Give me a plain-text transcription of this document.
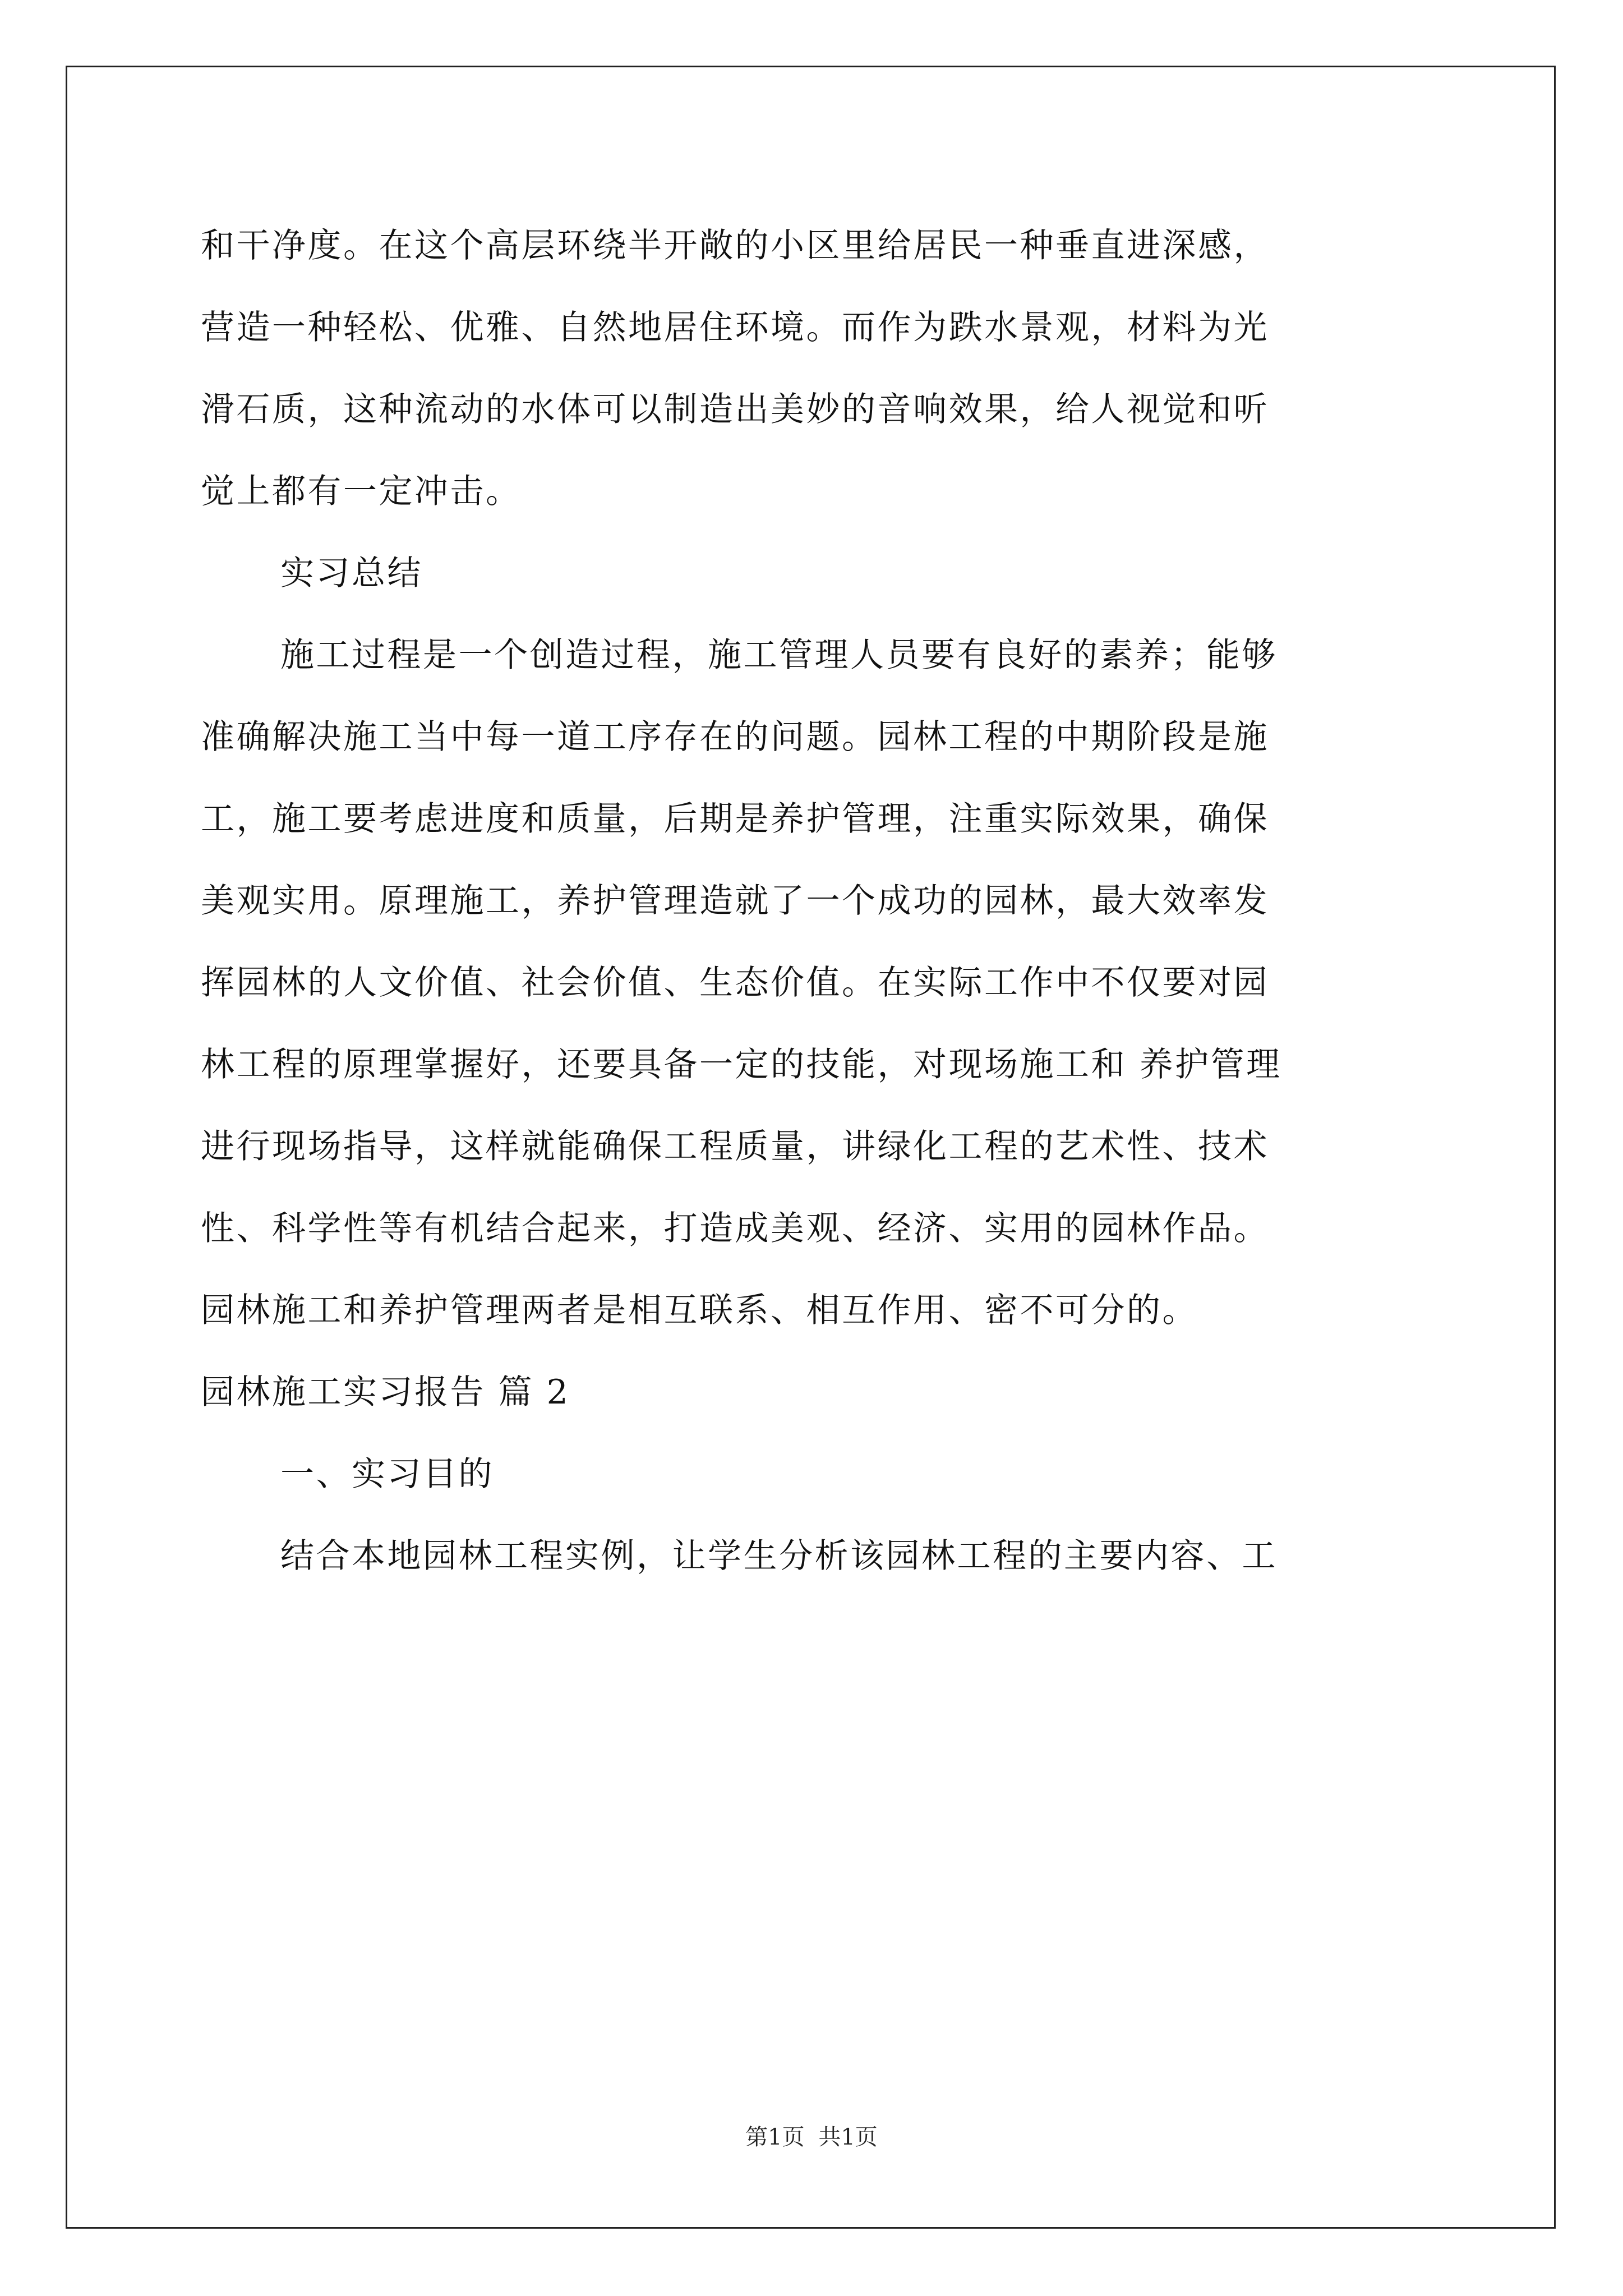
和干净度。在这个高层环绕半开敞的小区里给居民一种垂直进深感，
营造一种轻松、优雅、自然地居住环境。而作为跌水景观，材料为光
滑石质，这种流动的水体可以制造出美妙的音响效果，给人视觉和听
觉上都有一定冲击。
实习总结
施工过程是一个创造过程，施工管理人员要有良好的素养；能够
准确解决施工当中每一道工序存在的问题。园林工程的中期阶段是施
工，施工要考虑进度和质量，后期是养护管理，注重实际效果，确保
美观实用。原理施工，养护管理造就了一个成功的园林，最大效率发
挥园林的人文价值、社会价值、生态价值。在实际工作中不仅要对园
林工程的原理掌握好，还要具备一定的技能，对现场施工和 养护管理
进行现场指导，这样就能确保工程质量，讲绿化工程的艺术性、技术
性、科学性等有机结合起来，打造成美观、经济、实用的园林作品。
园林施工和养护管理两者是相互联系、相互作用、密不可分的。
园林施工实习报告 篇 2
一、实习目的
结合本地园林工程实例，让学生分析该园林工程的主要内容、工
第1页 共1页
